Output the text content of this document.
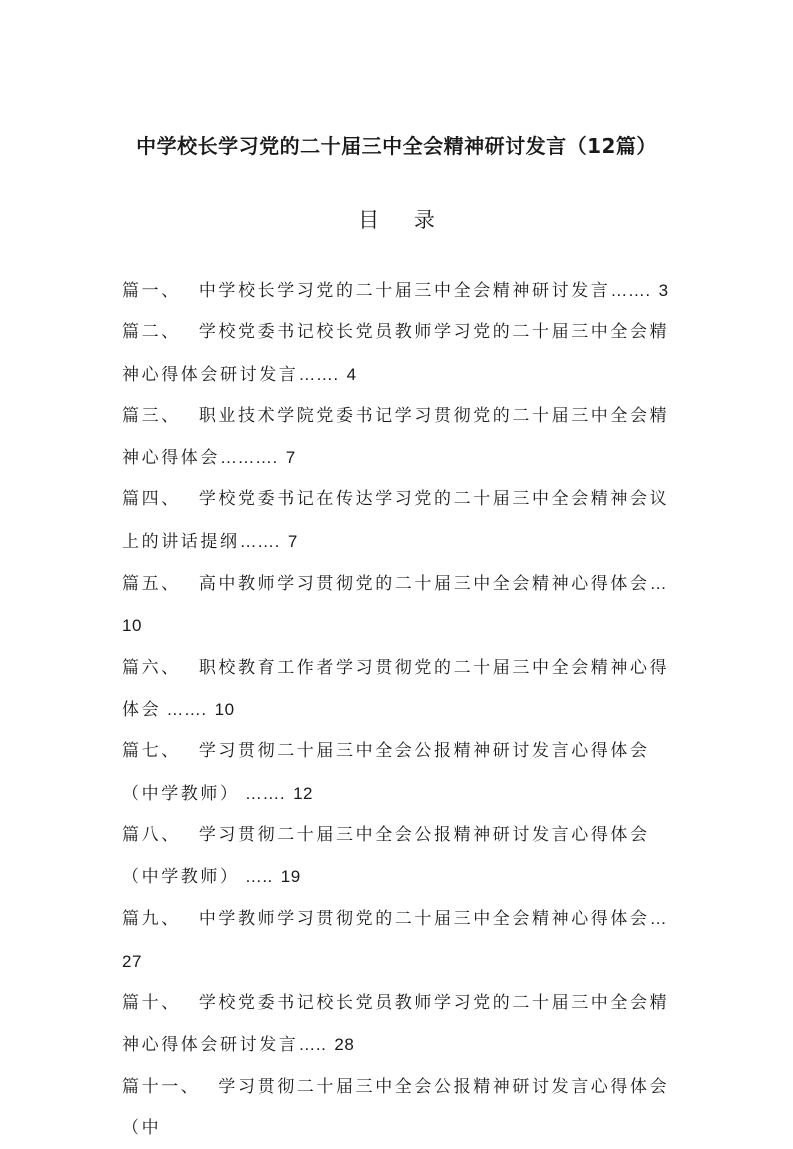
中学校长学习党的二十届三中全会精神研讨发言（12篇）
目 录
篇一、 中学校长学习党的二十届三中全会精神研讨发言……. 3
篇二、 学校党委书记校长党员教师学习党的二十届三中全会精神心得体会研讨发言……. 4
篇三、 职业技术学院党委书记学习贯彻党的二十届三中全会精神心得体会………. 7
篇四、 学校党委书记在传达学习党的二十届三中全会精神会议上的讲话提纲……. 7
篇五、 高中教师学习贯彻党的二十届三中全会精神心得体会… 10
篇六、 职校教育工作者学习贯彻党的二十届三中全会精神心得体会 ……. 10
篇七、 学习贯彻二十届三中全会公报精神研讨发言心得体会（中学教师） ……. 12
篇八、 学习贯彻二十届三中全会公报精神研讨发言心得体会（中学教师） ….. 19
篇九、 中学教师学习贯彻党的二十届三中全会精神心得体会… 27
篇十、 学校党委书记校长党员教师学习党的二十届三中全会精神心得体会研讨发言….. 28
篇十一、 学习贯彻二十届三中全会公报精神研讨发言心得体会（中
